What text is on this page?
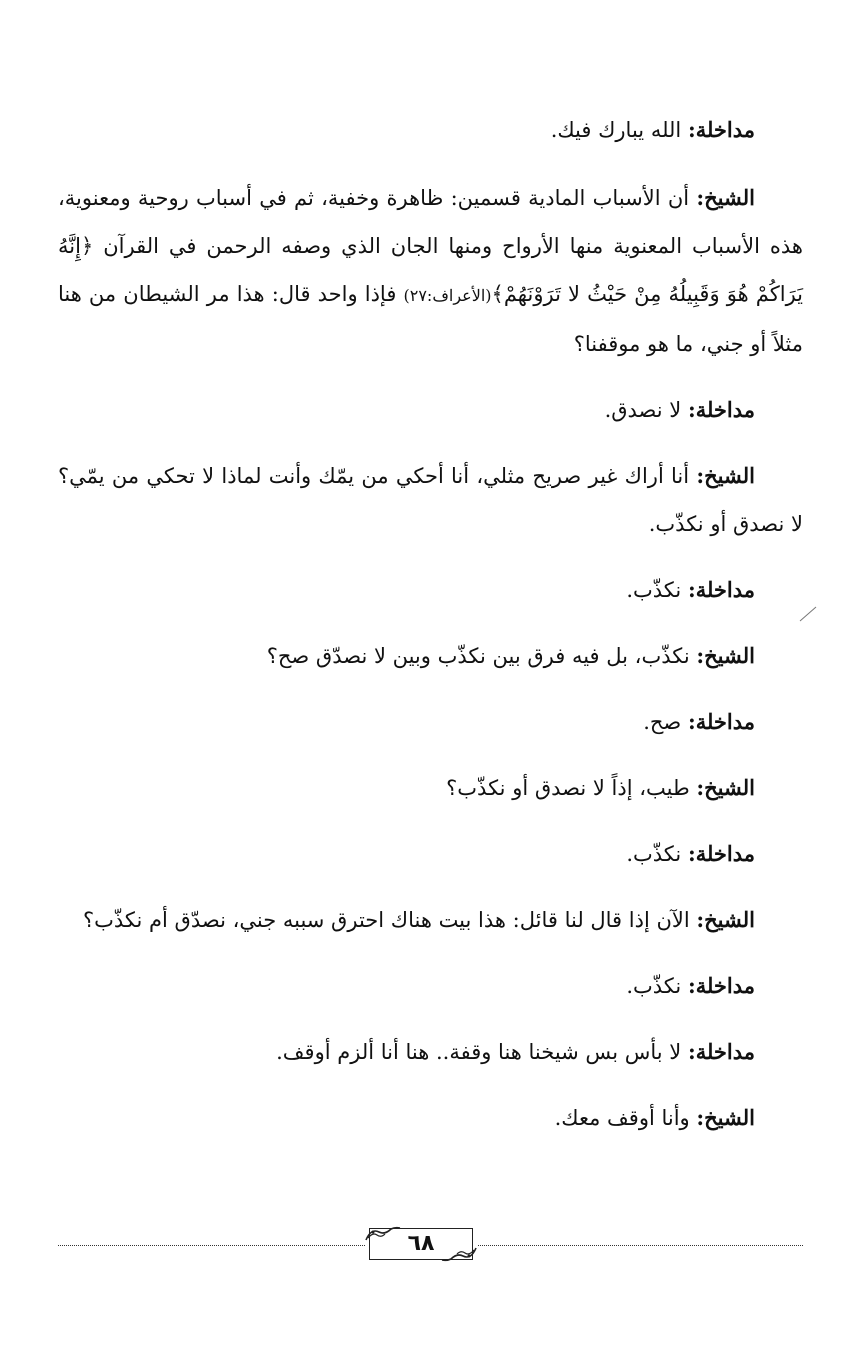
مداخلة: الله يبارك فيك.

الشيخ: أن الأسباب المادية قسمين: ظاهرة وخفية، ثم في أسباب روحية ومعنوية، هذه الأسباب المعنوية منها الأرواح ومنها الجان الذي وصفه الرحمن في القرآن ﴿إِنَّهُ يَرَاكُمْ هُوَ وَقَبِيلُهُ مِنْ حَيْثُ لا تَرَوْنَهُمْ﴾(الأعراف:٢٧) فإذا واحد قال: هذا مر الشيطان من هنا مثلاً أو جني، ما هو موقفنا؟

مداخلة: لا نصدق.

الشيخ: أنا أراك غير صريح مثلي، أنا أحكي من يمّك وأنت لماذا لا تحكي من يمّي؟ لا نصدق أو نكذّب.

مداخلة: نكذّب.

الشيخ: نكذّب، بل فيه فرق بين نكذّب وبين لا نصدّق صح؟

مداخلة: صح.

الشيخ: طيب، إذاً لا نصدق أو نكذّب؟

مداخلة: نكذّب.

الشيخ: الآن إذا قال لنا قائل: هذا بيت هناك احترق سببه جني، نصدّق أم نكذّب؟

مداخلة: نكذّب.

مداخلة: لا بأس بس شيخنا هنا وقفة.. هنا أنا ألزم أوقف.

الشيخ: وأنا أوقف معك.

٦٨
